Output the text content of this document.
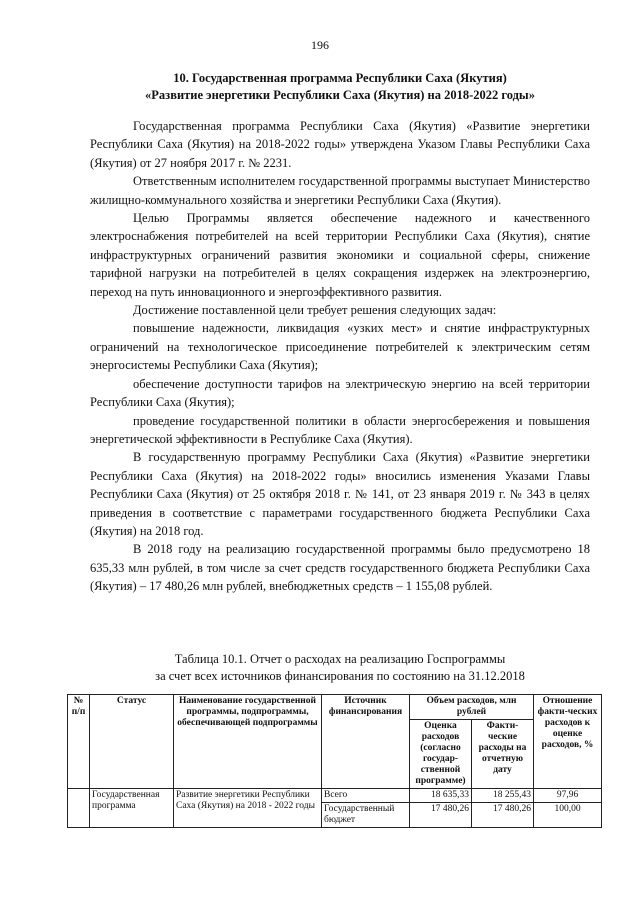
196
10. Государственная программа Республики Саха (Якутия)
«Развитие энергетики Республики Саха (Якутия) на 2018-2022 годы»

Государственная программа Республики Саха (Якутия) «Развитие энергетики Республики Саха (Якутия) на 2018-2022 годы» утверждена Указом Главы Республики Саха (Якутия) от 27 ноября 2017 г. № 2231.

Ответственным исполнителем государственной программы выступает Министерство жилищно-коммунального хозяйства и энергетики Республики Саха (Якутия).

Целью Программы является обеспечение надежного и качественного электроснабжения потребителей на всей территории Республики Саха (Якутия), снятие инфраструктурных ограничений развития экономики и социальной сферы, снижение тарифной нагрузки на потребителей в целях сокращения издержек на электроэнергию, переход на путь инновационного и энергоэффективного развития.

Достижение поставленной цели требует решения следующих задач:

повышение надежности, ликвидация «узких мест» и снятие инфраструктурных ограничений на технологическое присоединение потребителей к электрическим сетям энергосистемы Республики Саха (Якутия);

обеспечение доступности тарифов на электрическую энергию на всей территории Республики Саха (Якутия);

проведение государственной политики в области энергосбережения и повышения энергетической эффективности в Республике Саха (Якутия).

В государственную программу Республики Саха (Якутия) «Развитие энергетики Республики Саха (Якутия) на 2018-2022 годы» вносились изменения Указами Главы Республики Саха (Якутия) от 25 октября 2018 г. № 141, от 23 января 2019 г. № 343 в целях приведения в соответствие с параметрами государственного бюджета Республики Саха (Якутия) на 2018 год.

В 2018 году на реализацию государственной программы было предусмотрено 18 635,33 млн рублей, в том числе за счет средств государственного бюджета Республики Саха (Якутия) – 17 480,26 млн рублей, внебюджетных средств – 1 155,08 рублей.

Таблица 10.1. Отчет о расходах на реализацию Госпрограммы
за счет всех источников финансирования по состоянию на 31.12.2018
№ п/п	Статус	Наименование государственной программы, подпрограммы, обеспечивающей подпрограммы	Источник финансирования	Объем расходов, млн рублей		Отношение факти-ческих расходов к оценке расходов, %
				Оценка расходов (согласно государ-ственной программе)	Факти-ческие расходы на отчетную дату	
	Государственная программа	Развитие энергетики Республики Саха (Якутия) на 2018 - 2022 годы	Всего	18 635,33	18 255,43	97,96
			Государственный бюджет	17 480,26	17 480,26	100,00
